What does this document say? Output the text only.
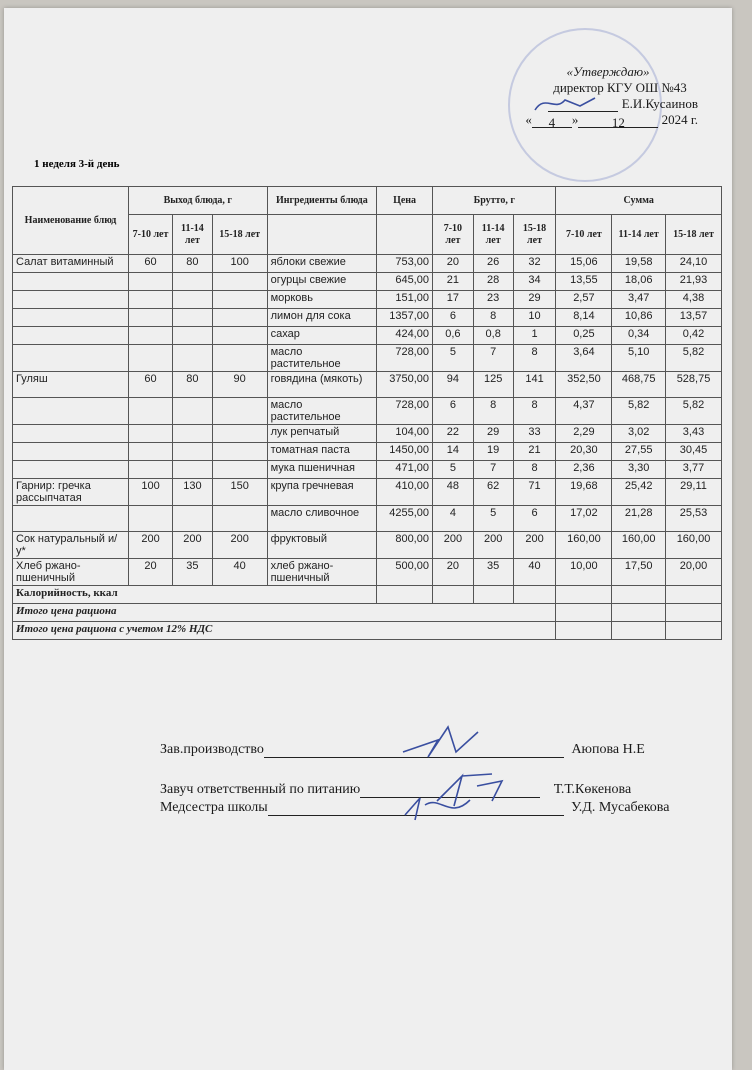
«Утверждаю»
директор КГУ ОШ №43
Е.И.Кусаинов
« 4 »	12	2024 г.
1 неделя 3-й день
Наименование блюд	Выход блюда, г			Ингредиенты блюда	Цена	Брутто, г			Сумма		
	7-10 лет	11-14 лет	15-18 лет			7-10 лет	11-14 лет	15-18 лет	7-10 лет	11-14 лет	15-18 лет
Салат витаминный	60	80	100	яблоки свежие	753,00	20	26	32	15,06	19,58	24,10
				огурцы свежие	645,00	21	28	34	13,55	18,06	21,93
				морковь	151,00	17	23	29	2,57	3,47	4,38
				лимон для сока	1357,00	6	8	10	8,14	10,86	13,57
				сахар	424,00	0,6	0,8	1	0,25	0,34	0,42
				масло растительное	728,00	5	7	8	3,64	5,10	5,82
Гуляш	60	80	90	говядина (мякоть)	3750,00	94	125	141	352,50	468,75	528,75
				масло растительное	728,00	6	8	8	4,37	5,82	5,82
				лук репчатый	104,00	22	29	33	2,29	3,02	3,43
				томатная паста	1450,00	14	19	21	20,30	27,55	30,45
				мука пшеничная	471,00	5	7	8	2,36	3,30	3,77
Гарнир: гречка рассыпчатая	100	130	150	крупа гречневая	410,00	48	62	71	19,68	25,42	29,11
				масло сливочное	4255,00	4	5	6	17,02	21,28	25,53
Сок натуральный и/у*	200	200	200	фруктовый	800,00	200	200	200	160,00	160,00	160,00
Хлеб ржано-пшеничный	20	35	40	хлеб ржано-пшеничный	500,00	20	35	40	10,00	17,50	20,00
Калорийность, ккал											
Итого цена рациона											
Итого цена рациона с учетом 12% НДС											
Зав.производство	Аюпова Н.Е
Завуч ответственный по питанию	Т.Т.Көкенова
Медсестра школы	У.Д. Мусабекова
